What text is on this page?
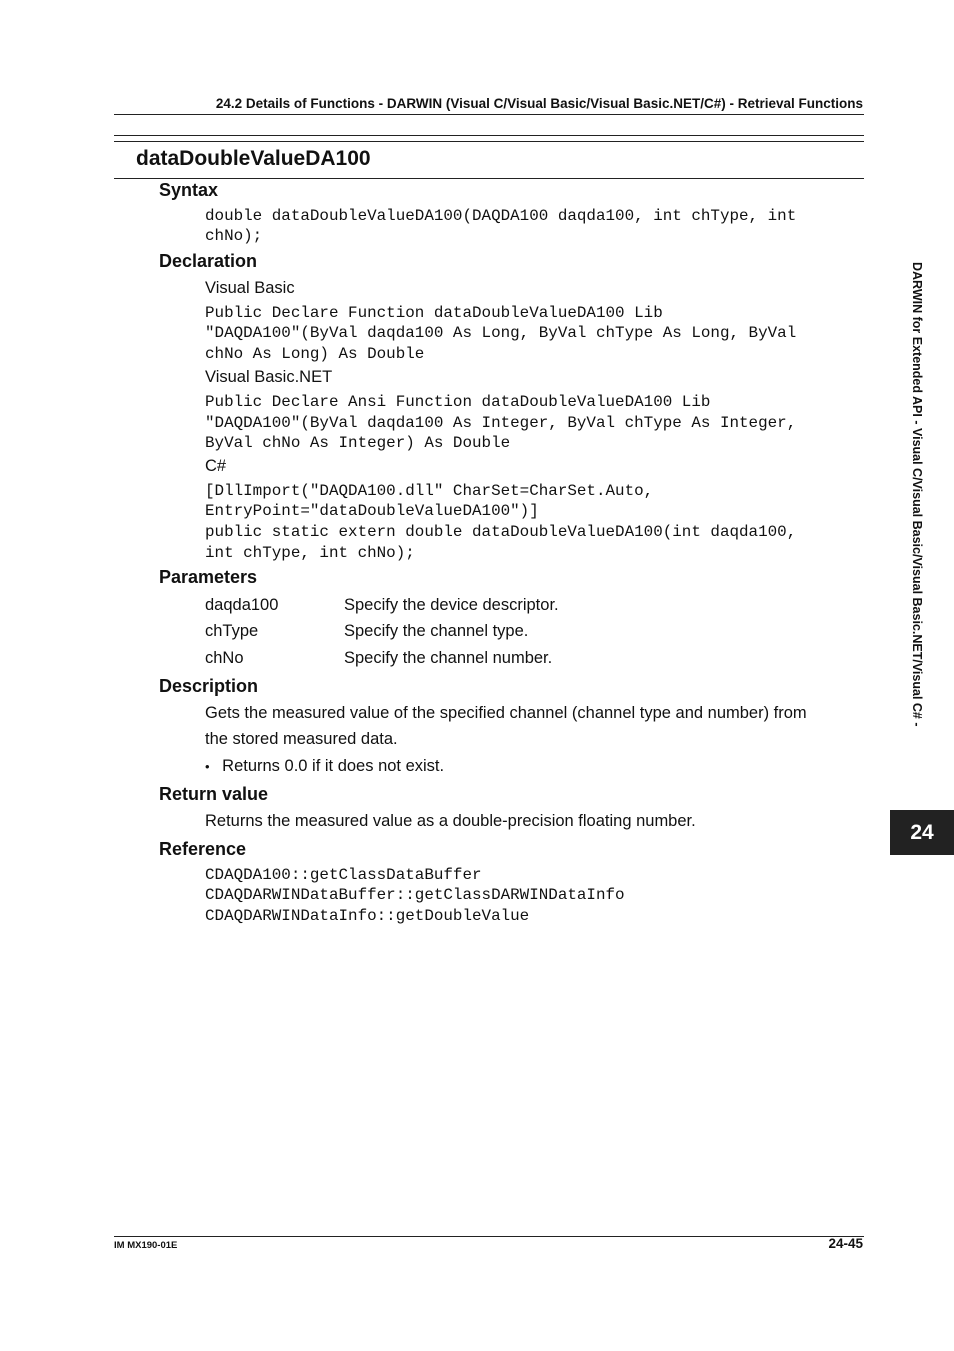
24.2 Details of Functions - DARWIN (Visual C/Visual Basic/Visual Basic.NET/C#) - Retrieval Functions
dataDoubleValueDA100
Syntax
double dataDoubleValueDA100(DAQDA100 daqda100, int chType, int
chNo);
Declaration
Visual Basic
Public Declare Function dataDoubleValueDA100 Lib
"DAQDA100"(ByVal daqda100 As Long, ByVal chType As Long, ByVal
chNo As Long) As Double
Visual Basic.NET
Public Declare Ansi Function dataDoubleValueDA100 Lib
"DAQDA100"(ByVal daqda100 As Integer, ByVal chType As Integer,
ByVal chNo As Integer) As Double
C#
[DllImport("DAQDA100.dll" CharSet=CharSet.Auto,
EntryPoint="dataDoubleValueDA100")]
public static extern double dataDoubleValueDA100(int daqda100,
int chType, int chNo);
Parameters
daqda100	Specify the device descriptor.
chType	Specify the channel type.
chNo	Specify the channel number.
Description
Gets the measured value of the specified channel (channel type and number) from
the stored measured data.
• Returns 0.0 if it does not exist.
Return value
Returns the measured value as a double-precision floating number.
Reference
CDAQDA100::getClassDataBuffer
CDAQDARWINDataBuffer::getClassDARWINDataInfo
CDAQDARWINDataInfo::getDoubleValue
DARWIN for Extended API - Visual C/Visual Basic/Visual Basic.NET/Visual C# -
24
IM MX190-01E	24-45
